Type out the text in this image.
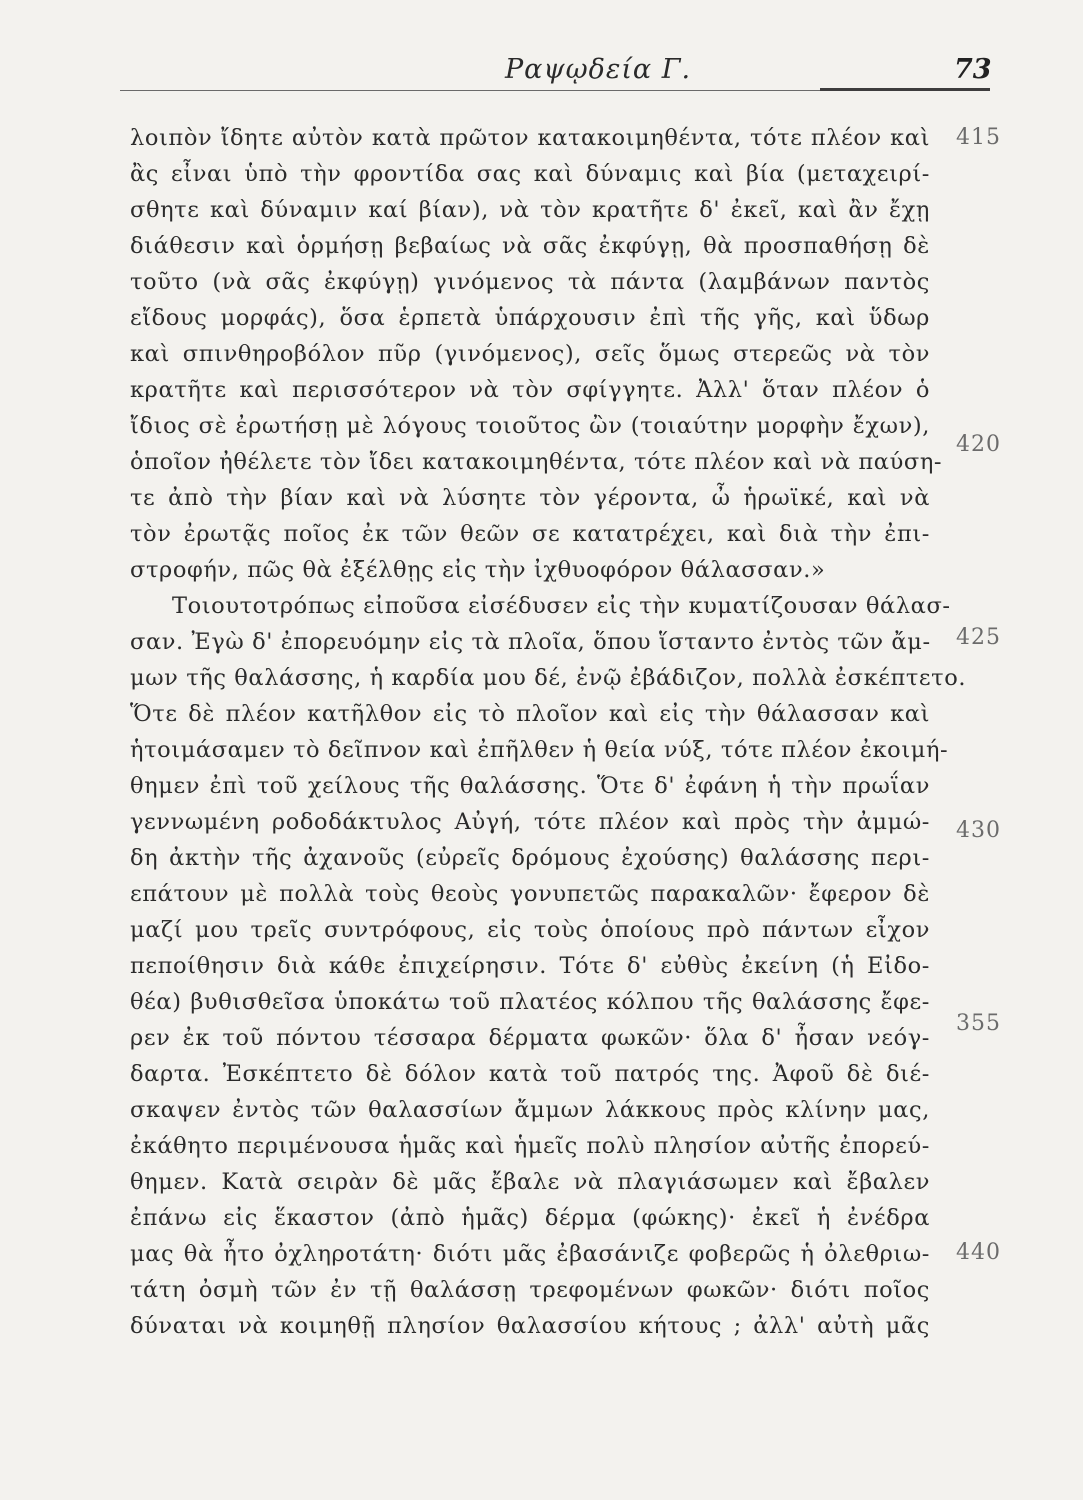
Ραψῳδεία Γ.	73
λοιπὸν ἴδητε αὐτὸν κατὰ πρῶτον κατακοιμηθέντα, τότε πλέον καὶ
ἂς εἶναι ὑπὸ τὴν φροντίδα σας καὶ δύναμις καὶ βία (μεταχειρί-
σθητε καὶ δύναμιν καί βίαν), νὰ τὸν κρατῆτε δ' ἐκεῖ, καὶ ἂν ἔχῃ
διάθεσιν καὶ ὁρμήσῃ βεβαίως νὰ σᾶς ἐκφύγῃ, θὰ προσπαθήσῃ δὲ
τοῦτο (νὰ σᾶς ἐκφύγῃ) γινόμενος τὰ πάντα (λαμβάνων παντὸς
εἴδους μορφάς), ὅσα ἑρπετὰ ὑπάρχουσιν ἐπὶ τῆς γῆς, καὶ ὕδωρ
καὶ σπινθηροβόλον πῦρ (γινόμενος), σεῖς ὅμως στερεῶς νὰ τὸν
κρατῆτε καὶ περισσότερον νὰ τὸν σφίγγητε. Ἀλλ' ὅταν πλέον ὁ
ἴδιος σὲ ἐρωτήσῃ μὲ λόγους τοιοῦτος ὢν (τοιαύτην μορφὴν ἔχων),
ὁποῖον ἠθέλετε τὸν ἴδει κατακοιμηθέντα, τότε πλέον καὶ νὰ παύση-
τε ἀπὸ τὴν βίαν καὶ νὰ λύσητε τὸν γέροντα, ὦ ἡρωϊκέ, καὶ νὰ
τὸν ἐρωτᾷς ποῖος ἐκ τῶν θεῶν σε κατατρέχει, καὶ διὰ τὴν ἐπι-
στροφήν, πῶς θὰ ἐξέλθῃς εἰς τὴν ἰχθυοφόρον θάλασσαν.»
Τοιουτοτρόπως εἰποῦσα εἰσέδυσεν εἰς τὴν κυματίζουσαν θάλασ-
σαν. Ἐγὼ δ' ἐπορευόμην εἰς τὰ πλοῖα, ὅπου ἵσταντο ἐντὸς τῶν ἄμ-
μων τῆς θαλάσσης, ἡ καρδία μου δέ, ἐνῷ ἐβάδιζον, πολλὰ ἐσκέπτετο.
Ὅτε δὲ πλέον κατῆλθον εἰς τὸ πλοῖον καὶ εἰς τὴν θάλασσαν καὶ
ἡτοιμάσαμεν τὸ δεῖπνον καὶ ἐπῆλθεν ἡ θεία νύξ, τότε πλέον ἐκοιμή-
θημεν ἐπὶ τοῦ χείλους τῆς θαλάσσης. Ὅτε δ' ἐφάνη ἡ τὴν πρωΐαν
γεννωμένη ροδοδάκτυλος Αὐγή, τότε πλέον καὶ πρὸς τὴν ἀμμώ-
δη ἀκτὴν τῆς ἀχανοῦς (εὐρεῖς δρόμους ἐχούσης) θαλάσσης περι-
επάτουν μὲ πολλὰ τοὺς θεοὺς γονυπετῶς παρακαλῶν· ἔφερον δὲ
μαζί μου τρεῖς συντρόφους, εἰς τοὺς ὁποίους πρὸ πάντων εἶχον
πεποίθησιν διὰ κάθε ἐπιχείρησιν. Τότε δ' εὐθὺς ἐκείνη (ἡ Εἰδο-
θέα) βυθισθεῖσα ὑποκάτω τοῦ πλατέος κόλπου τῆς θαλάσσης ἔφε-
ρεν ἐκ τοῦ πόντου τέσσαρα δέρματα φωκῶν· ὅλα δ' ἦσαν νεόγ-
δαρτα. Ἐσκέπτετο δὲ δόλον κατὰ τοῦ πατρός της. Ἀφοῦ δὲ διέ-
σκαψεν ἐντὸς τῶν θαλασσίων ἄμμων λάκκους πρὸς κλίνην μας,
ἐκάθητο περιμένουσα ἡμᾶς καὶ ἡμεῖς πολὺ πλησίον αὐτῆς ἐπορεύ-
θημεν. Κατὰ σειρὰν δὲ μᾶς ἔβαλε νὰ πλαγιάσωμεν καὶ ἔβαλεν
ἐπάνω εἰς ἕκαστον (ἀπὸ ἡμᾶς) δέρμα (φώκης)· ἐκεῖ ἡ ἐνέδρα
μας θὰ ἦτο ὀχληροτάτη· διότι μᾶς ἐβασάνιζε φοβερῶς ἡ ὀλεθριω-
τάτη ὀσμὴ τῶν ἐν τῇ θαλάσσῃ τρεφομένων φωκῶν· διότι ποῖος
δύναται νὰ κοιμηθῇ πλησίον θαλασσίου κήτους ; ἀλλ' αὐτὴ μᾶς
415
420
425
430
355
440
